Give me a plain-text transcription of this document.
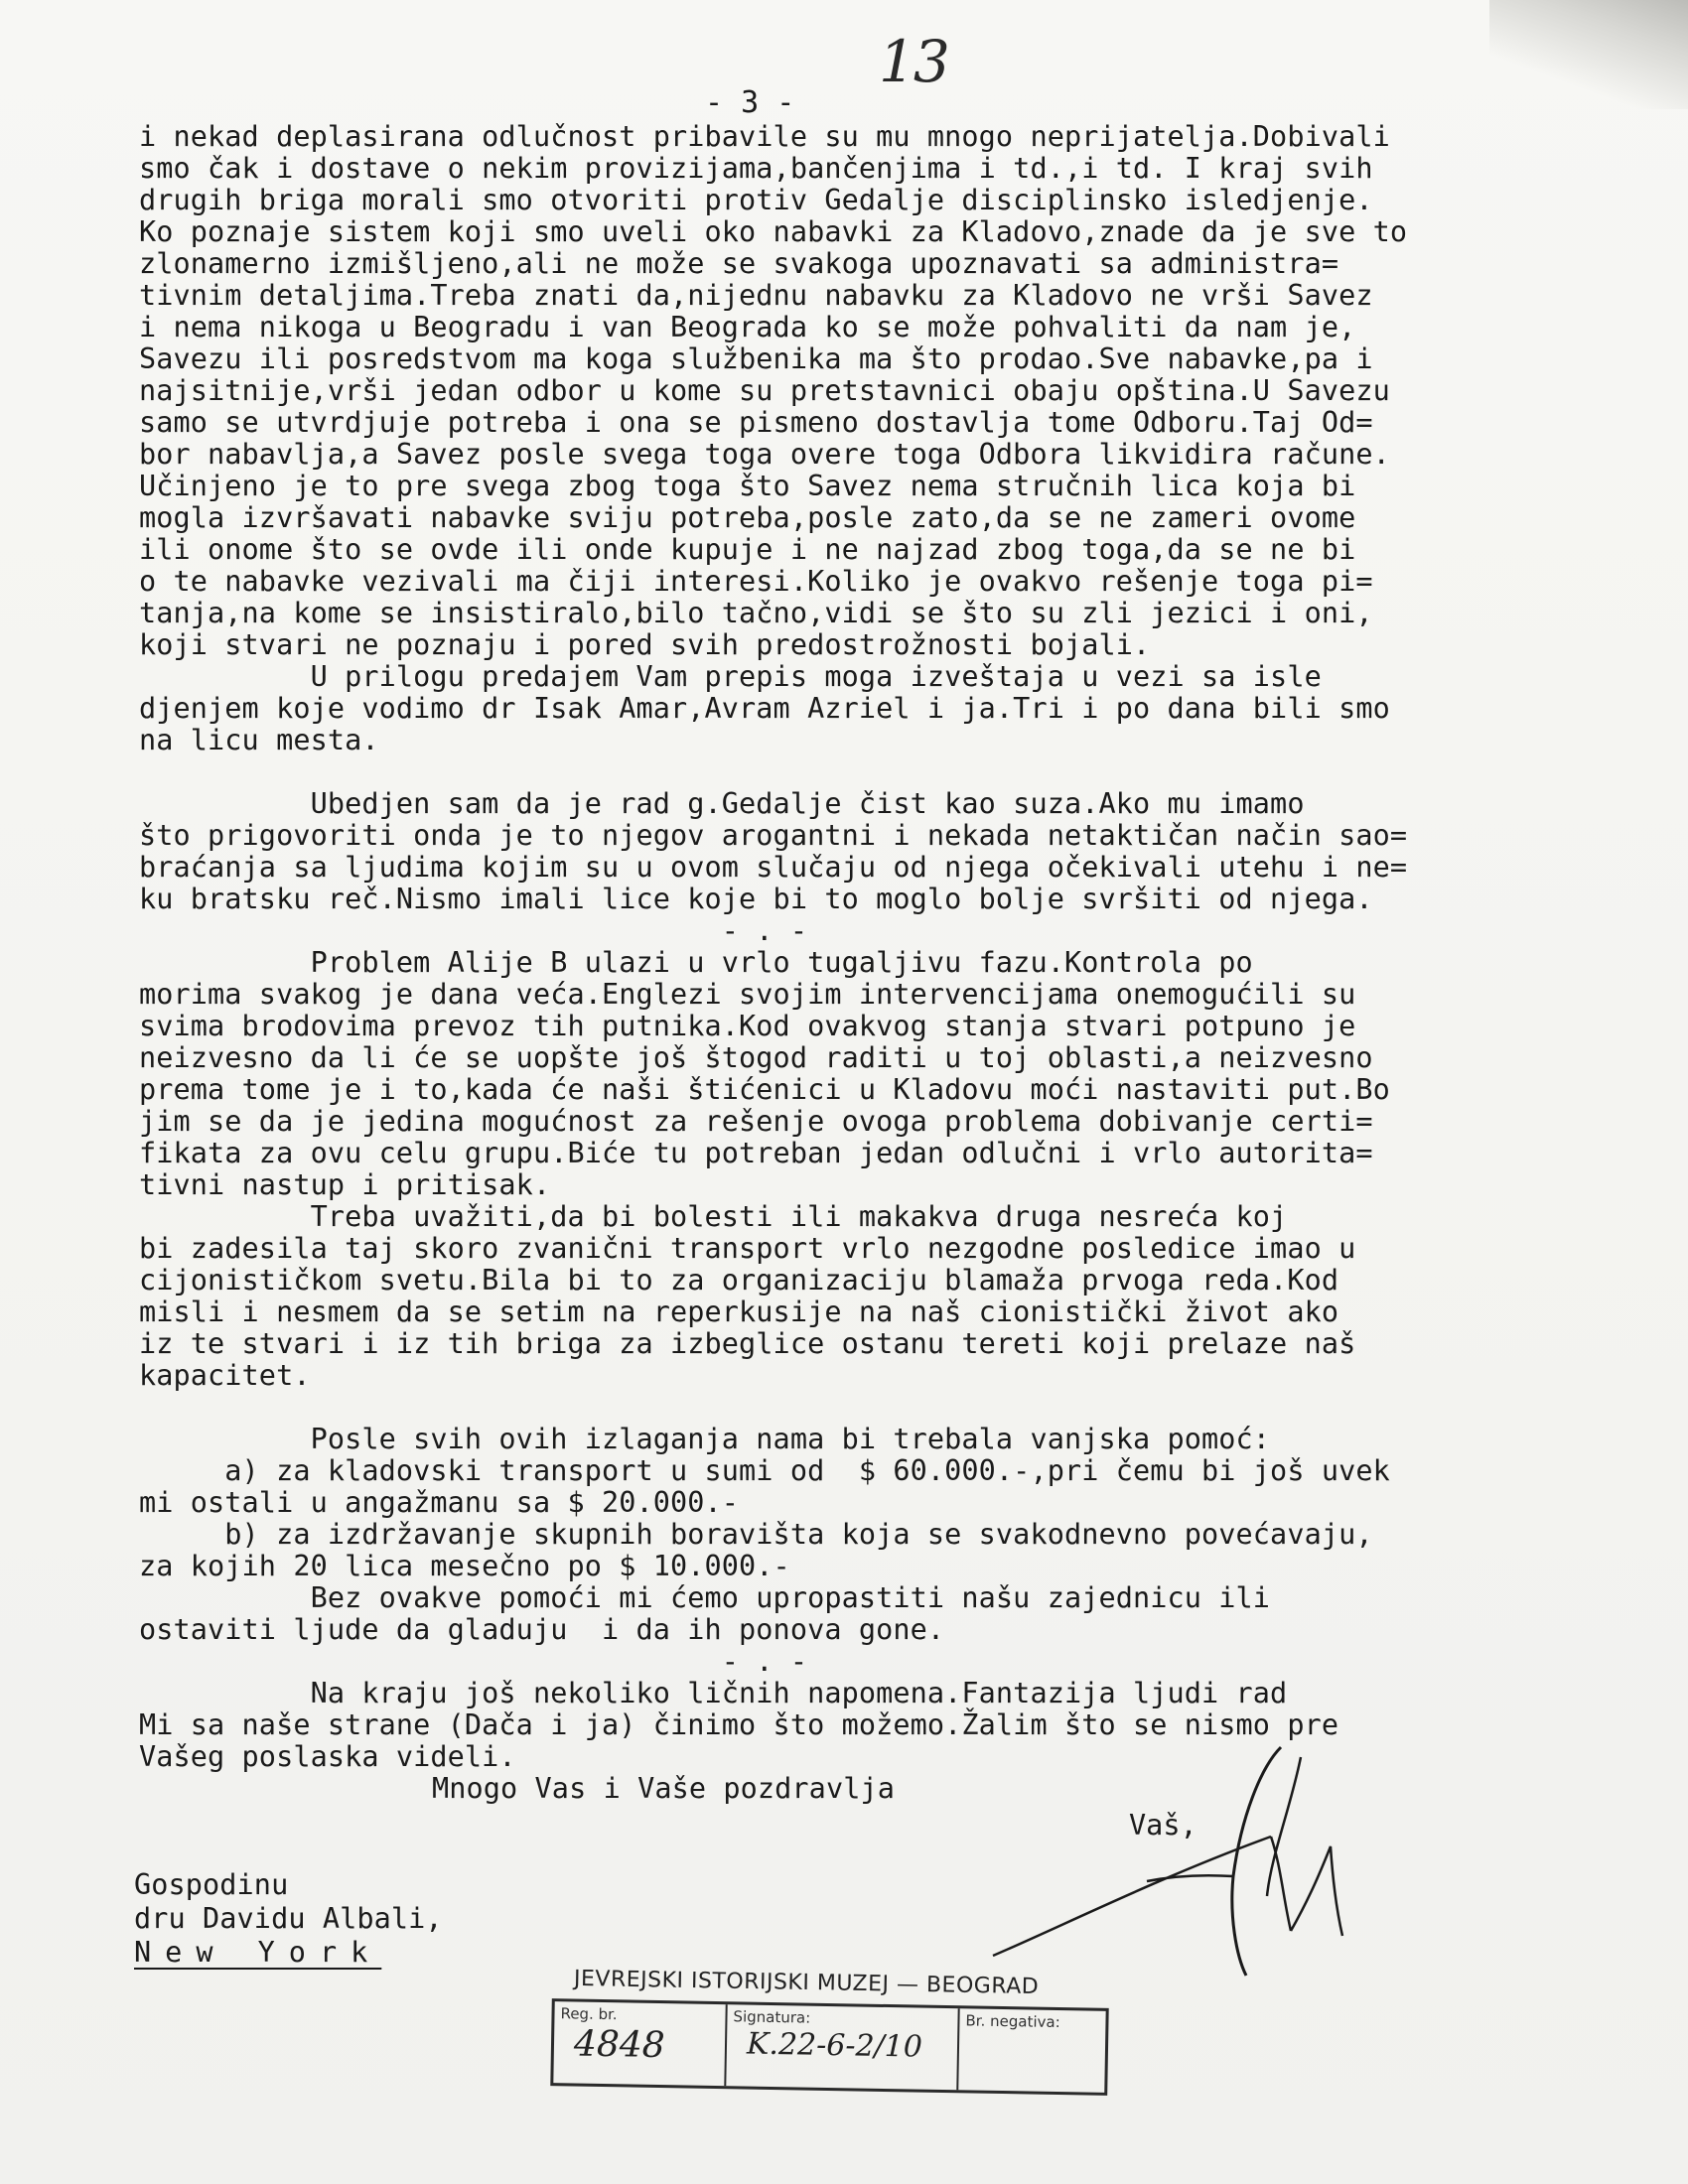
13
- 3 -
i nekad deplasirana odlučnost pribavile su mu mnogo neprijatelja.Dobivali
smo čak i dostave o nekim provizijama,bančenjima i td.,i td. I kraj svih
drugih briga morali smo otvoriti protiv Gedalje disciplinsko isledjenje.
Ko poznaje sistem koji smo uveli oko nabavki za Kladovo,znade da je sve to
zlonamerno izmišljeno,ali ne može se svakoga upoznavati sa administra=
tivnim detaljima.Treba znati da,nijednu nabavku za Kladovo ne vrši Savez
i nema nikoga u Beogradu i van Beograda ko se može pohvaliti da nam je,
Savezu ili posredstvom ma koga službenika ma što prodao.Sve nabavke,pa i
najsitnije,vrši jedan odbor u kome su pretstavnici obaju opština.U Savezu
samo se utvrdjuje potreba i ona se pismeno dostavlja tome Odboru.Taj Od=
bor nabavlja,a Savez posle svega toga overe toga Odbora likvidira račune.
Učinjeno je to pre svega zbog toga što Savez nema stručnih lica koja bi
mogla izvršavati nabavke sviju potreba,posle zato,da se ne zameri ovome
ili onome što se ovde ili onde kupuje i ne najzad zbog toga,da se ne bi
o te nabavke vezivali ma čiji interesi.Koliko je ovakvo rešenje toga pi=
tanja,na kome se insistiralo,bilo tačno,vidi se što su zli jezici i oni,
koji stvari ne poznaju i pored svih predostrožnosti bojali.
U prilogu predajem Vam prepis moga izveštaja u vezi sa isle
djenjem koje vodimo dr Isak Amar,Avram Azriel i ja.Tri i po dana bili smo
na licu mesta.
Ubedjen sam da je rad g.Gedalje čist kao suza.Ako mu imamo
što prigovoriti onda je to njegov arogantni i nekada netaktičan način sao=
braćanja sa ljudima kojim su u ovom slučaju od njega očekivali utehu i ne=
ku bratsku reč.Nismo imali lice koje bi to moglo bolje svršiti od njega.
- . -
Problem Alije B ulazi u vrlo tugaljivu fazu.Kontrola po
morima svakog je dana veća.Englezi svojim intervencijama onemogućili su
svima brodovima prevoz tih putnika.Kod ovakvog stanja stvari potpuno je
neizvesno da li će se uopšte još štogod raditi u toj oblasti,a neizvesno
prema tome je i to,kada će naši štićenici u Kladovu moći nastaviti put.Bo
jim se da je jedina mogućnost za rešenje ovoga problema dobivanje certi=
fikata za ovu celu grupu.Biće tu potreban jedan odlučni i vrlo autorita=
tivni nastup i pritisak.
Treba uvažiti,da bi bolesti ili makakva druga nesreća koj
bi zadesila taj skoro zvanični transport vrlo nezgodne posledice imao u
cijonističkom svetu.Bila bi to za organizaciju blamaža prvoga reda.Kod
misli i nesmem da se setim na reperkusije na naš cionistički život ako
iz te stvari i iz tih briga za izbeglice ostanu tereti koji prelaze naš
kapacitet.
Posle svih ovih izlaganja nama bi trebala vanjska pomoć:
a) za kladovski transport u sumi od  $ 60.000.-,pri čemu bi još uvek
mi ostali u angažmanu sa $ 20.000.-
b) za izdržavanje skupnih boravišta koja se svakodnevno povećavaju,
za kojih 20 lica mesečno po $ 10.000.-
Bez ovakve pomoći mi ćemo upropastiti našu zajednicu ili
ostaviti ljude da gladuju  i da ih ponova gone.
- . -
Na kraju još nekoliko ličnih napomena.Fantazija ljudi rad
Mi sa naše strane (Dača i ja) činimo što možemo.Žalim što se nismo pre
Vašeg poslaska videli.
Mnogo Vas i Vaše pozdravlja
Vaš,
Gospodinu
dru Davidu Albali,
New York
JEVREJSKI ISTORIJSKI MUZEJ — BEOGRAD
Reg. br.
4848
Signatura:
K.22-6-2/10
Br. negativa:
